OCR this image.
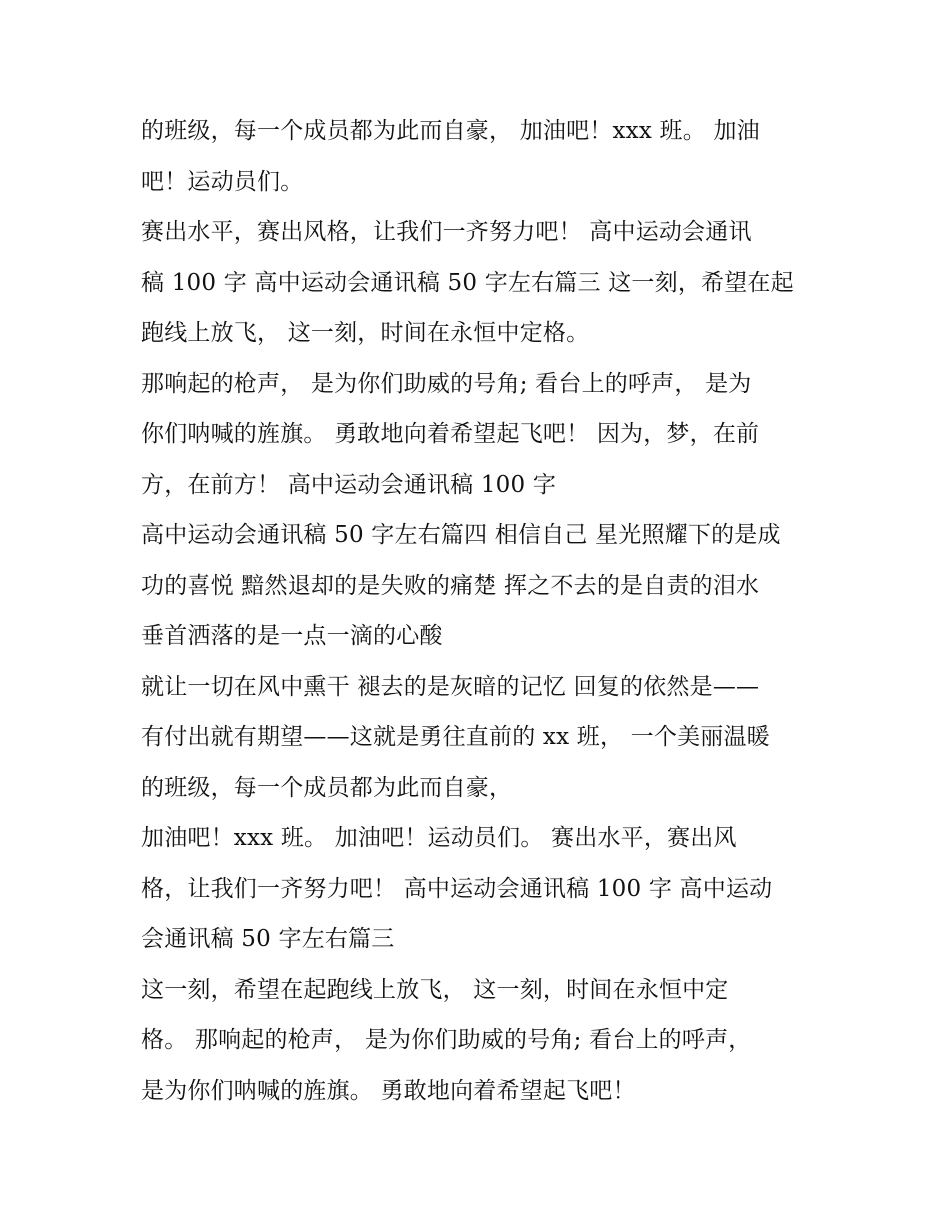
的班级，每一个成员都为此而自豪， 加油吧！xxx 班。 加油
吧！运动员们。
赛出水平，赛出风格，让我们一齐努力吧！ 高中运动会通讯
稿 100 字 高中运动会通讯稿 50 字左右篇三 这一刻，希望在起
跑线上放飞， 这一刻，时间在永恒中定格。
那响起的枪声， 是为你们助威的号角; 看台上的呼声， 是为
你们呐喊的旌旗。 勇敢地向着希望起飞吧！ 因为，梦，在前
方，在前方！ 高中运动会通讯稿 100 字
高中运动会通讯稿 50 字左右篇四 相信自己 星光照耀下的是成
功的喜悦 黯然退却的是失败的痛楚 挥之不去的是自责的泪水
垂首洒落的是一点一滴的心酸
就让一切在风中熏干 褪去的是灰暗的记忆 回复的依然是——
有付出就有期望——这就是勇往直前的 xx 班， 一个美丽温暖
的班级，每一个成员都为此而自豪，
加油吧！xxx 班。 加油吧！运动员们。 赛出水平，赛出风
格，让我们一齐努力吧！ 高中运动会通讯稿 100 字 高中运动
会通讯稿 50 字左右篇三
这一刻，希望在起跑线上放飞， 这一刻，时间在永恒中定
格。 那响起的枪声， 是为你们助威的号角; 看台上的呼声，
是为你们呐喊的旌旗。 勇敢地向着希望起飞吧！
